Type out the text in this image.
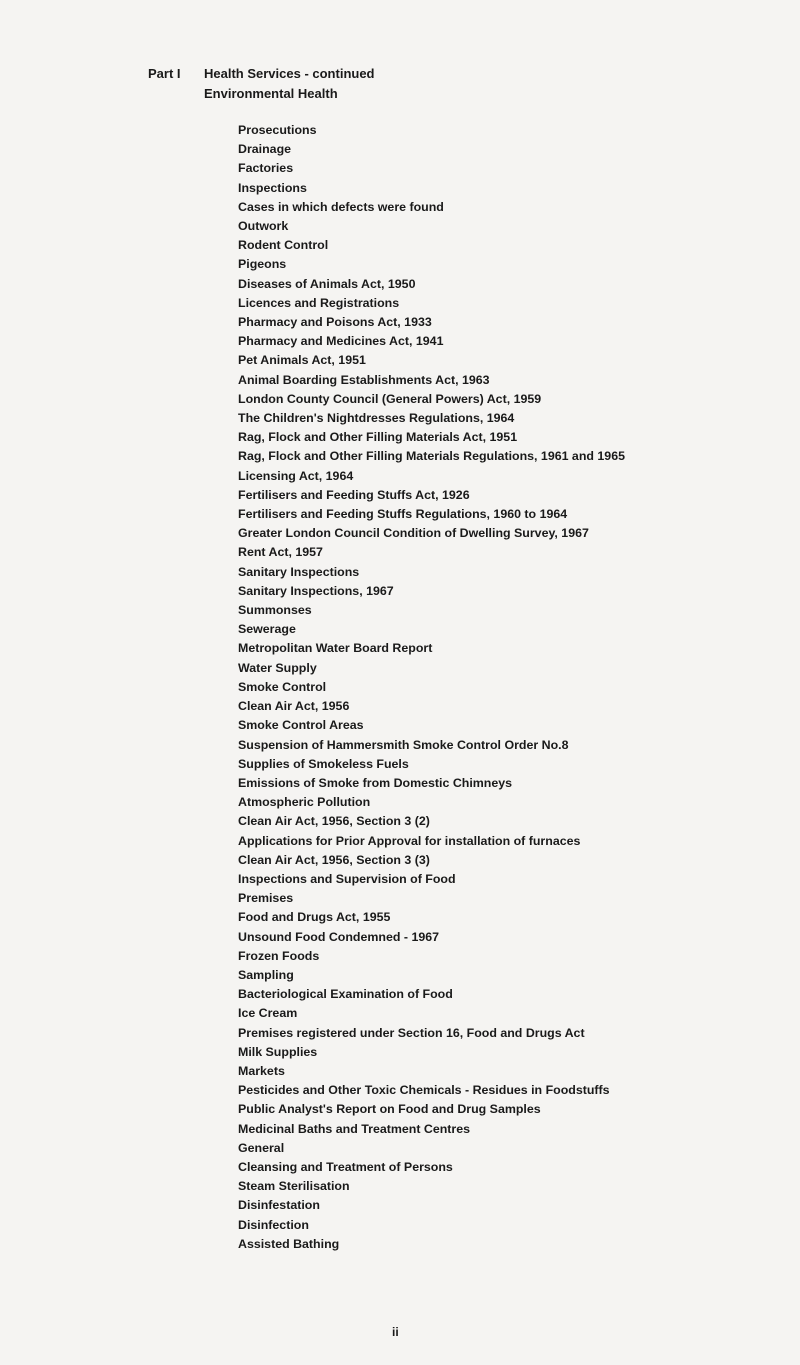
Part I	Health Services - continued
Environmental Health
Prosecutions
Drainage
Factories
Inspections
Cases in which defects were found
Outwork
Rodent Control
Pigeons
Diseases of Animals Act, 1950
Licences and Registrations
Pharmacy and Poisons Act, 1933
Pharmacy and Medicines Act, 1941
Pet Animals Act, 1951
Animal Boarding Establishments Act, 1963
London County Council (General Powers) Act, 1959
The Children's Nightdresses Regulations, 1964
Rag, Flock and Other Filling Materials Act, 1951
Rag, Flock and Other Filling Materials Regulations, 1961 and 1965
Licensing Act, 1964
Fertilisers and Feeding Stuffs Act, 1926
Fertilisers and Feeding Stuffs Regulations, 1960 to 1964
Greater London Council Condition of Dwelling Survey, 1967
Rent Act, 1957
Sanitary Inspections
Sanitary Inspections, 1967
Summonses
Sewerage
Metropolitan Water Board Report
Water Supply
Smoke Control
Clean Air Act, 1956
Smoke Control Areas
Suspension of Hammersmith Smoke Control Order No.8
Supplies of Smokeless Fuels
Emissions of Smoke from Domestic Chimneys
Atmospheric Pollution
Clean Air Act, 1956, Section 3 (2)
Applications for Prior Approval for installation of furnaces
Clean Air Act, 1956, Section 3 (3)
Inspections and Supervision of Food
Premises
Food and Drugs Act, 1955
Unsound Food Condemned - 1967
Frozen Foods
Sampling
Bacteriological Examination of Food
Ice Cream
Premises registered under Section 16, Food and Drugs Act
Milk Supplies
Markets
Pesticides and Other Toxic Chemicals - Residues in Foodstuffs
Public Analyst's Report on Food and Drug Samples
Medicinal Baths and Treatment Centres
General
Cleansing and Treatment of Persons
Steam Sterilisation
Disinfestation
Disinfection
Assisted Bathing
ii
